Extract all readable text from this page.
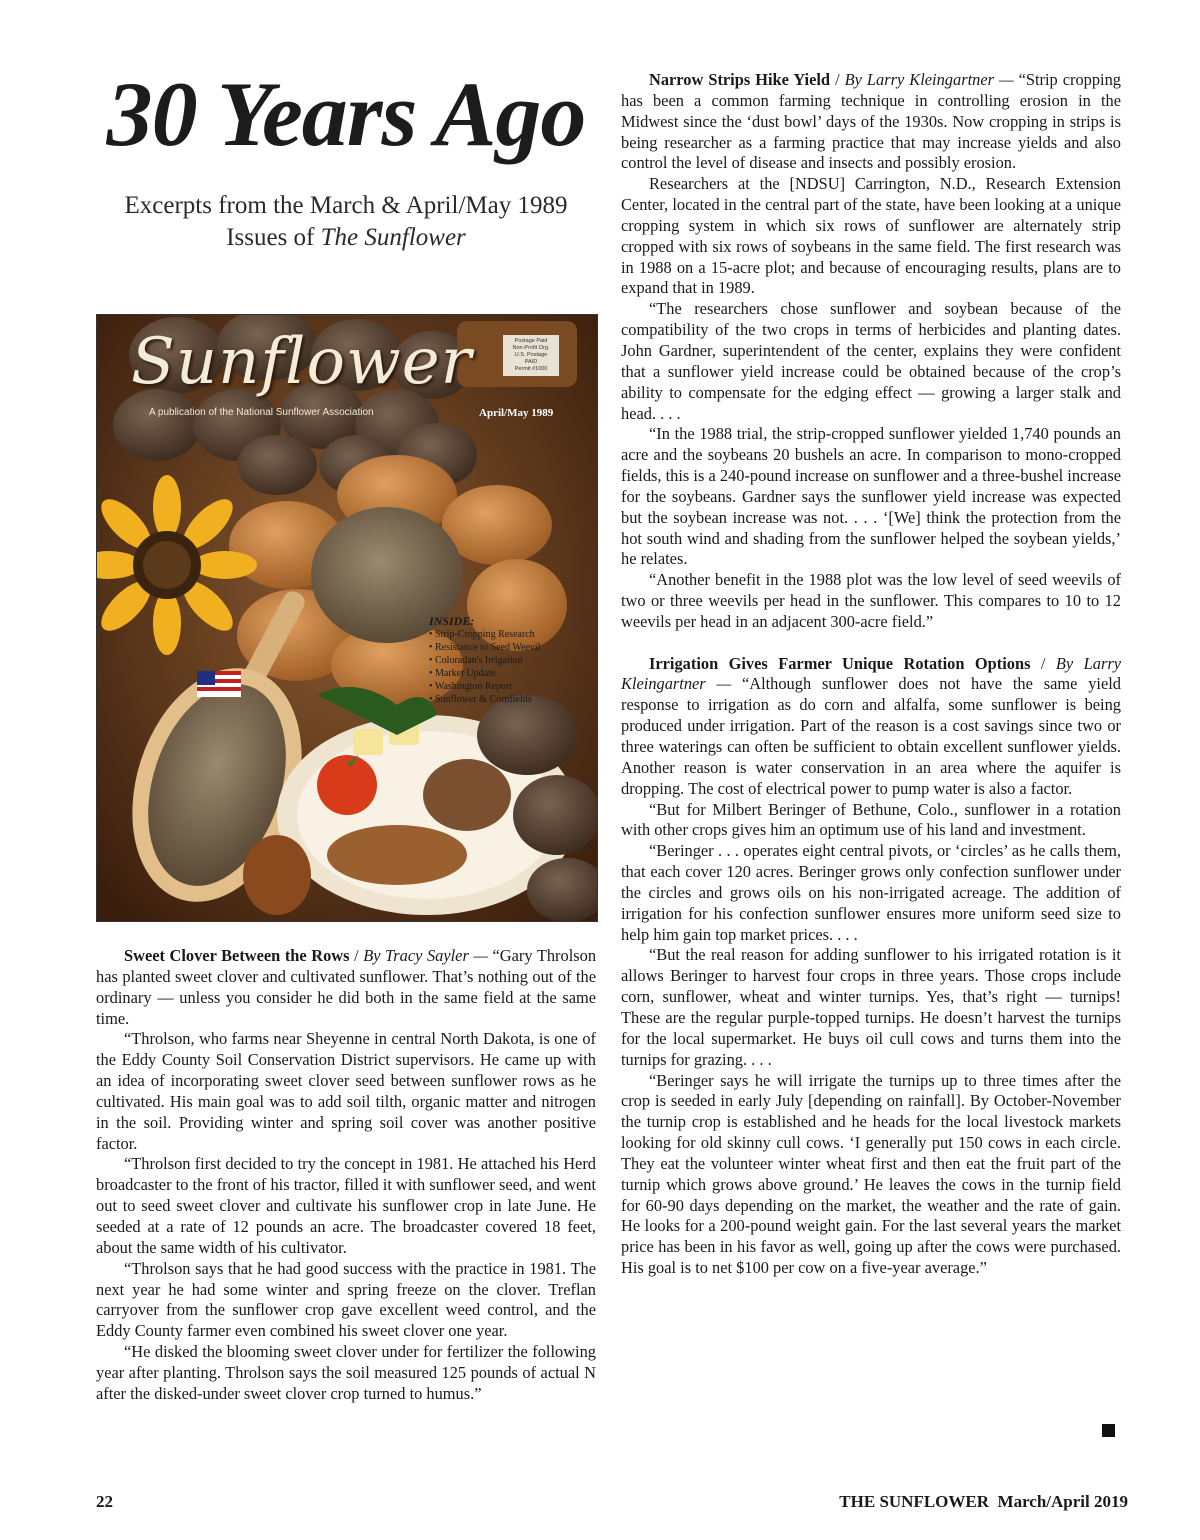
30 Years Ago
Excerpts from the March & April/May 1989
Issues of The Sunflower
Sunflower
A publication of the National Sunflower Association	April/May 1989
Postage Paid
Non-Profit Org.
U.S. Postage
PAID
Permit #1000
INSIDE:
• Strip-Cropping Research
• Resistance to Seed Weevil
• Coloradan's Irrigation
• Market Update
• Washington Report
• Sunflower & Cornfields

Sweet Clover Between the Rows / By Tracy Sayler — “Gary Throlson has planted sweet clover and cultivated sunflower. That’s nothing out of the ordinary — unless you consider he did both in the same field at the same time.

“Throlson, who farms near Sheyenne in central North Dakota, is one of the Eddy County Soil Conservation District supervisors. He came up with an idea of incorporating sweet clover seed between sunflower rows as he cultivated. His main goal was to add soil tilth, organic matter and nitrogen in the soil. Providing winter and spring soil cover was another positive factor.

“Throlson first decided to try the concept in 1981. He attached his Herd broadcaster to the front of his tractor, filled it with sunflower seed, and went out to seed sweet clover and cultivate his sunflower crop in late June. He seeded at a rate of 12 pounds an acre. The broadcaster covered 18 feet, about the same width of his cultivator.

“Throlson says that he had good success with the practice in 1981. The next year he had some winter and spring freeze on the clover. Treflan carryover from the sunflower crop gave excellent weed control, and the Eddy County farmer even combined his sweet clover one year.

“He disked the blooming sweet clover under for fertilizer the following year after planting. Throlson says the soil measured 125 pounds of actual N after the disked-under sweet clover crop turned to humus.”

Narrow Strips Hike Yield / By Larry Kleingartner — “Strip cropping has been a common farming technique in controlling erosion in the Midwest since the ‘dust bowl’ days of the 1930s. Now cropping in strips is being researcher as a farming practice that may increase yields and also control the level of disease and insects and possibly erosion.

Researchers at the [NDSU] Carrington, N.D., Research Extension Center, located in the central part of the state, have been looking at a unique cropping system in which six rows of sunflower are alternately strip cropped with six rows of soybeans in the same field. The first research was in 1988 on a 15-acre plot; and because of encouraging results, plans are to expand that in 1989.

“The researchers chose sunflower and soybean because of the compatibility of the two crops in terms of herbicides and planting dates. John Gardner, superintendent of the center, explains they were confident that a sunflower yield increase could be obtained because of the crop’s ability to compensate for the edging effect — growing a larger stalk and head. . . .

“In the 1988 trial, the strip-cropped sunflower yielded 1,740 pounds an acre and the soybeans 20 bushels an acre. In comparison to mono-cropped fields, this is a 240-pound increase on sunflower and a three-bushel increase for the soybeans. Gardner says the sunflower yield increase was expected but the soybean increase was not. . . . ‘[We] think the protection from the hot south wind and shading from the sunflower helped the soybean yields,’ he relates.

“Another benefit in the 1988 plot was the low level of seed weevils of two or three weevils per head in the sunflower. This compares to 10 to 12 weevils per head in an adjacent 300-acre field.”

Irrigation Gives Farmer Unique Rotation Options / By Larry Kleingartner — “Although sunflower does not have the same yield response to irrigation as do corn and alfalfa, some sunflower is being produced under irrigation. Part of the reason is a cost savings since two or three waterings can often be sufficient to obtain excellent sunflower yields. Another reason is water conservation in an area where the aquifer is dropping. The cost of electrical power to pump water is also a factor.

“But for Milbert Beringer of Bethune, Colo., sunflower in a rotation with other crops gives him an optimum use of his land and investment.

“Beringer . . . operates eight central pivots, or ‘circles’ as he calls them, that each cover 120 acres. Beringer grows only confection sunflower under the circles and grows oils on his non-irrigated acreage. The addition of irrigation for his confection sunflower ensures more uniform seed size to help him gain top market prices. . . .

“But the real reason for adding sunflower to his irrigated rotation is it allows Beringer to harvest four crops in three years. Those crops include corn, sunflower, wheat and winter turnips. Yes, that’s right — turnips! These are the regular purple-topped turnips. He doesn’t harvest the turnips for the local supermarket. He buys oil cull cows and turns them into the turnips for grazing. . . .

“Beringer says he will irrigate the turnips up to three times after the crop is seeded in early July [depending on rainfall]. By October-November the turnip crop is established and he heads for the local livestock markets looking for old skinny cull cows. ‘I generally put 150 cows in each circle. They eat the volunteer winter wheat first and then eat the fruit part of the turnip which grows above ground.’ He leaves the cows in the turnip field for 60-90 days depending on the market, the weather and the rate of gain. He looks for a 200-pound weight gain. For the last several years the market price has been in his favor as well, going up after the cows were purchased. His goal is to net $100 per cow on a five-year average.”

22	THE SUNFLOWER  March/April 2019
